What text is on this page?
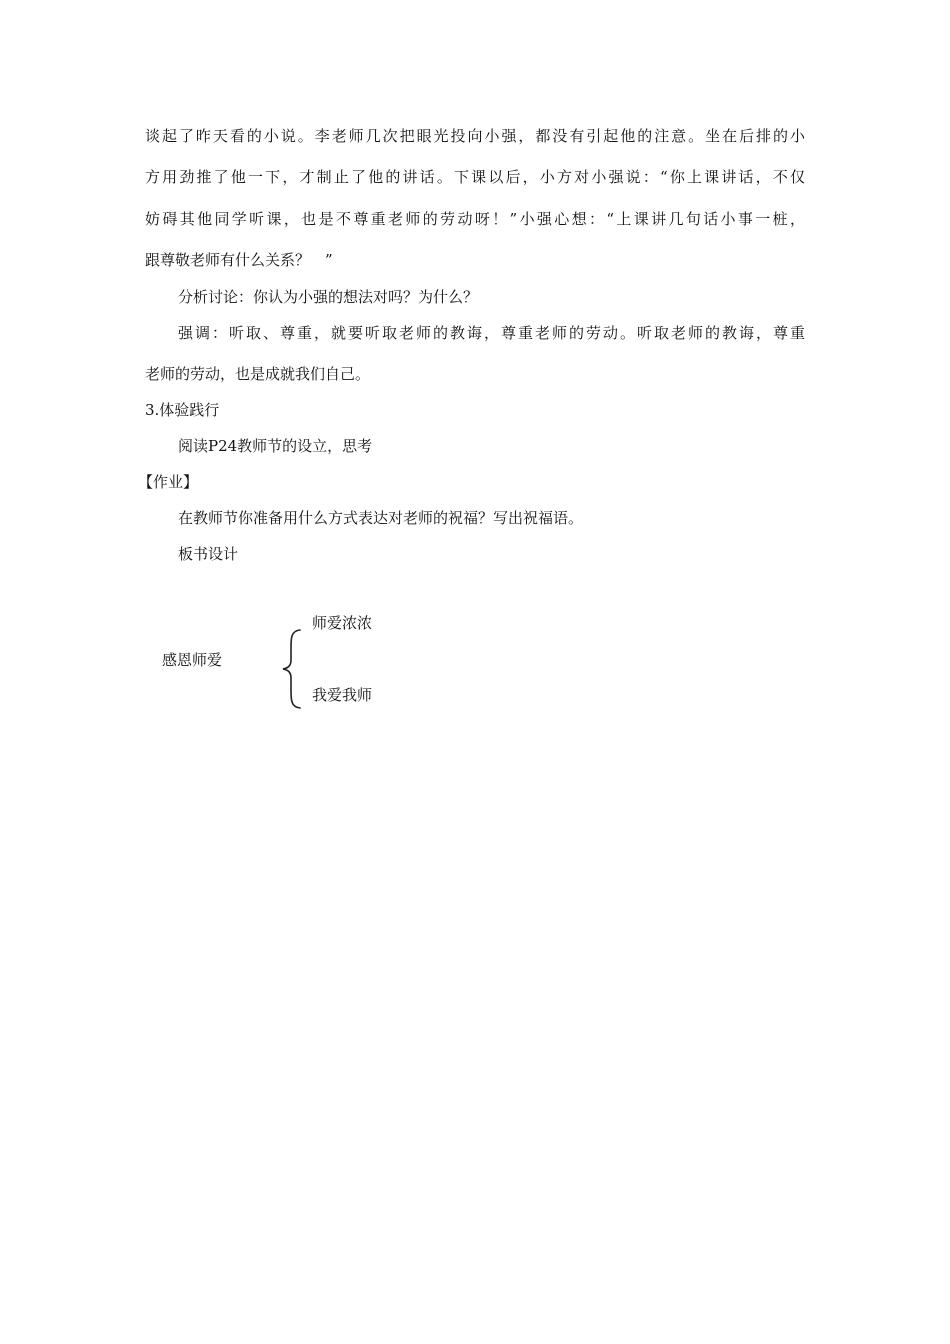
谈起了昨天看的小说。李老师几次把眼光投向小强，都没有引起他的注意。坐在后排的小
方用劲推了他一下，才制止了他的讲话。下课以后，小方对小强说：“你上课讲话，不仅
妨碍其他同学听课，也是不尊重老师的劳动呀！”小强心想：“上课讲几句话小事一桩，
跟尊敬老师有什么关系？　”
分析讨论：你认为小强的想法对吗？为什么？
强调：听取、尊重，就要听取老师的教诲，尊重老师的劳动。听取老师的教诲，尊重
老师的劳动，也是成就我们自己。
3.体验践行
阅读P24教师节的设立，思考
【作业】
在教师节你准备用什么方式表达对老师的祝福？写出祝福语。
板书设计
感恩师爱
师爱浓浓
我爱我师
